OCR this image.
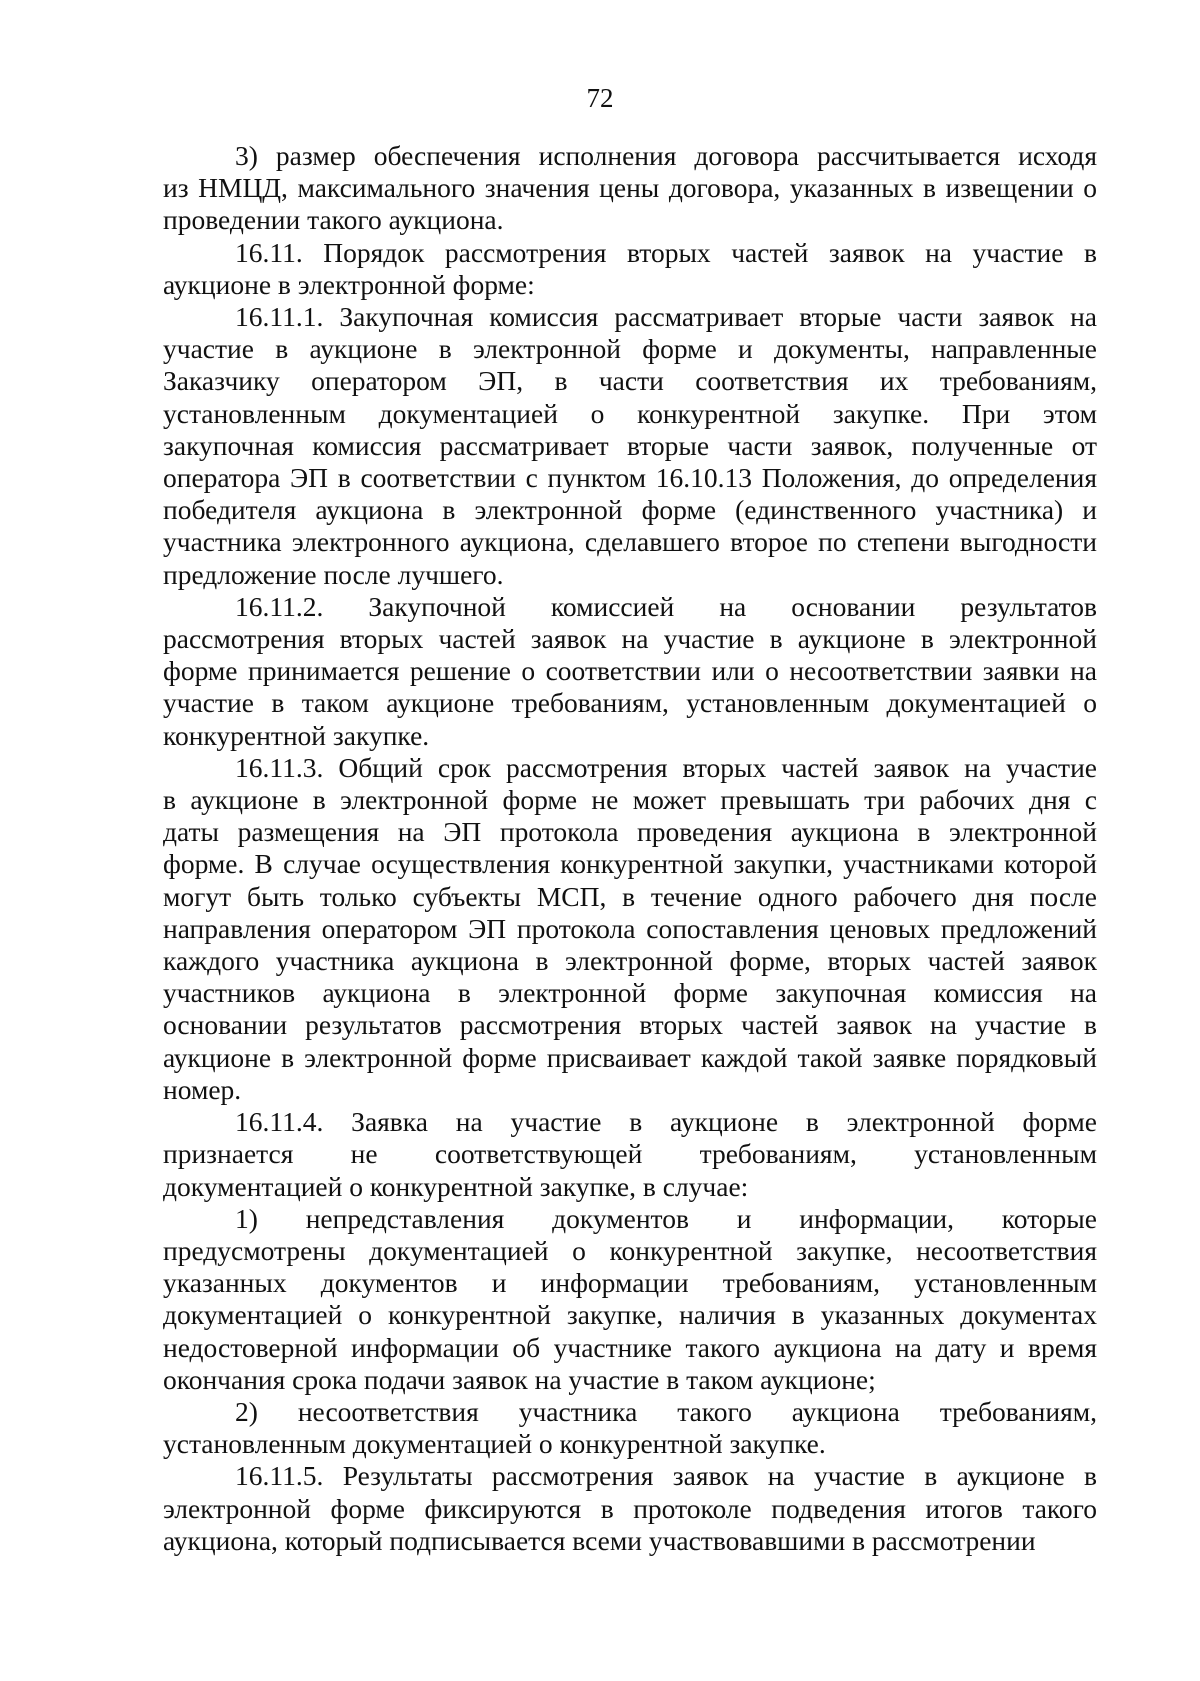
72
3) размер обеспечения исполнения договора рассчитывается исходя
из НМЦД, максимального значения цены договора, указанных в извещении о
проведении такого аукциона.
16.11. Порядок рассмотрения вторых частей заявок на участие в
аукционе в электронной форме:
16.11.1. Закупочная комиссия рассматривает вторые части заявок на
участие в аукционе в электронной форме и документы, направленные
Заказчику оператором ЭП, в части соответствия их требованиям,
установленным документацией о конкурентной закупке. При этом
закупочная комиссия рассматривает вторые части заявок, полученные от
оператора ЭП в соответствии с пунктом 16.10.13 Положения, до определения
победителя аукциона в электронной форме (единственного участника) и
участника электронного аукциона, сделавшего второе по степени выгодности
предложение после лучшего.
16.11.2. Закупочной комиссией на основании результатов
рассмотрения вторых частей заявок на участие в аукционе в электронной
форме принимается решение о соответствии или о несоответствии заявки на
участие в таком аукционе требованиям, установленным документацией о
конкурентной закупке.
16.11.3. Общий срок рассмотрения вторых частей заявок на участие
в аукционе в электронной форме не может превышать три рабочих дня с
даты размещения на ЭП протокола проведения аукциона в электронной
форме. В случае осуществления конкурентной закупки, участниками которой
могут быть только субъекты МСП, в течение одного рабочего дня после
направления оператором ЭП протокола сопоставления ценовых предложений
каждого участника аукциона в электронной форме, вторых частей заявок
участников аукциона в электронной форме закупочная комиссия на
основании результатов рассмотрения вторых частей заявок на участие в
аукционе в электронной форме присваивает каждой такой заявке порядковый
номер.
16.11.4. Заявка на участие в аукционе в электронной форме
признается не соответствующей требованиям, установленным
документацией о конкурентной закупке, в случае:
1) непредставления документов и информации, которые
предусмотрены документацией о конкурентной закупке, несоответствия
указанных документов и информации требованиям, установленным
документацией о конкурентной закупке, наличия в указанных документах
недостоверной информации об участнике такого аукциона на дату и время
окончания срока подачи заявок на участие в таком аукционе;
2) несоответствия участника такого аукциона требованиям,
установленным документацией о конкурентной закупке.
16.11.5. Результаты рассмотрения заявок на участие в аукционе в
электронной форме фиксируются в протоколе подведения итогов такого
аукциона, который подписывается всеми участвовавшими в рассмотрении
